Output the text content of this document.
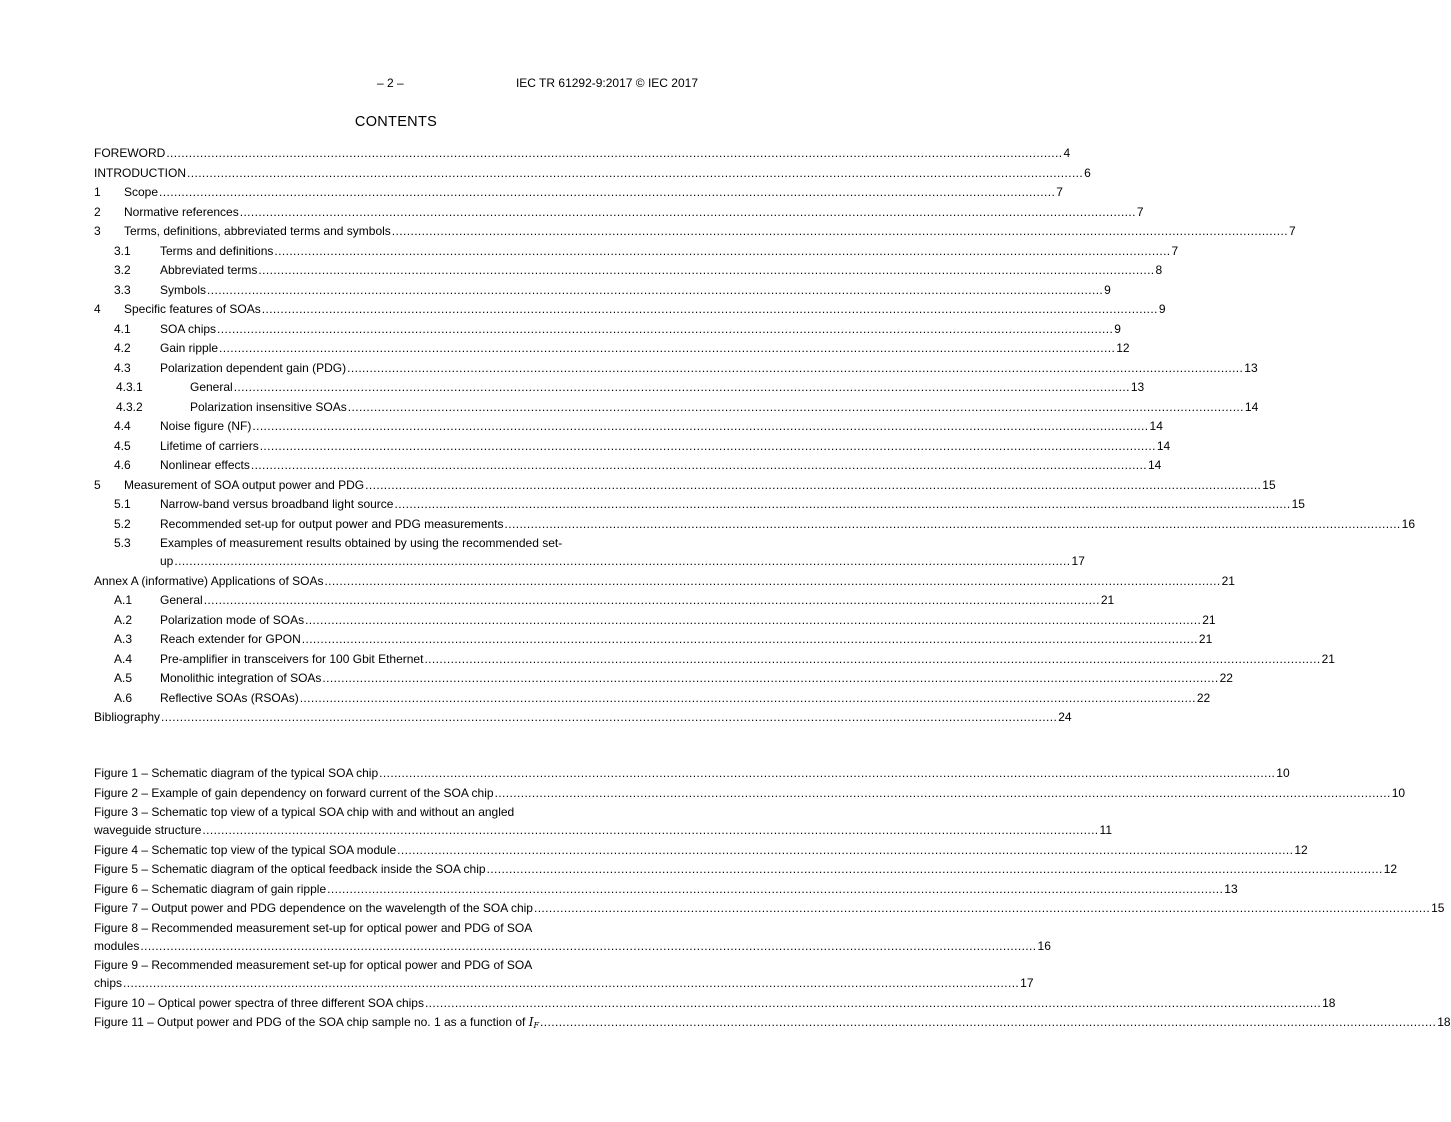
– 2 –	IEC TR 61292-9:2017 © IEC 2017
CONTENTS
FOREWORD ................................................................................................................................................................................................................................................ 4
INTRODUCTION ................................................................................................................................................................................................................................................ 6
1 Scope ................................................................................................................................................................................................................................................ 7
2 Normative references ................................................................................................................................................................................................................................................ 7
3 Terms, definitions, abbreviated terms and symbols ................................................................................................................................................................................................................................................ 7
3.1 Terms and definitions ................................................................................................................................................................................................................................................ 7
3.2 Abbreviated terms ................................................................................................................................................................................................................................................ 8
3.3 Symbols ................................................................................................................................................................................................................................................ 9
4 Specific features of SOAs ................................................................................................................................................................................................................................................ 9
4.1 SOA chips ................................................................................................................................................................................................................................................ 9
4.2 Gain ripple ................................................................................................................................................................................................................................................ 12
4.3 Polarization dependent gain (PDG) ................................................................................................................................................................................................................................................ 13
4.3.1	General ................................................................................................................................................................................................................................................ 13
4.3.2	Polarization insensitive SOAs ................................................................................................................................................................................................................................................ 14
4.4 Noise figure (NF) ................................................................................................................................................................................................................................................ 14
4.5 Lifetime of carriers ................................................................................................................................................................................................................................................ 14
4.6 Nonlinear effects ................................................................................................................................................................................................................................................ 14
5 Measurement of SOA output power and PDG ................................................................................................................................................................................................................................................ 15
5.1 Narrow-band versus broadband light source ................................................................................................................................................................................................................................................ 15
5.2 Recommended set-up for output power and PDG measurements ................................................................................................................................................................................................................................................ 16
5.3 Examples of measurement results obtained by using the recommended set-
up ................................................................................................................................................................................................................................................ 17
Annex A (informative) Applications of SOAs ................................................................................................................................................................................................................................................ 21
A.1 General ................................................................................................................................................................................................................................................ 21
A.2 Polarization mode of SOAs ................................................................................................................................................................................................................................................ 21
A.3 Reach extender for GPON ................................................................................................................................................................................................................................................ 21
A.4 Pre-amplifier in transceivers for 100 Gbit Ethernet ................................................................................................................................................................................................................................................ 21
A.5 Monolithic integration of SOAs ................................................................................................................................................................................................................................................ 22
A.6 Reflective SOAs (RSOAs) ................................................................................................................................................................................................................................................ 22
Bibliography ................................................................................................................................................................................................................................................ 24
Figure 1 – Schematic diagram of the typical SOA chip ................................................................................................................................................................................................................................................ 10
Figure 2 – Example of gain dependency on forward current of the SOA chip ................................................................................................................................................................................................................................................ 10
Figure 3 – Schematic top view of a typical SOA chip with and without an angled
waveguide structure ................................................................................................................................................................................................................................................ 11
Figure 4 – Schematic top view of the typical SOA module ................................................................................................................................................................................................................................................ 12
Figure 5 – Schematic diagram of the optical feedback inside the SOA chip ................................................................................................................................................................................................................................................ 12
Figure 6 – Schematic diagram of gain ripple ................................................................................................................................................................................................................................................ 13
Figure 7 – Output power and PDG dependence on the wavelength of the SOA chip ................................................................................................................................................................................................................................................ 15
Figure 8 – Recommended measurement set-up for optical power and PDG of SOA
modules ................................................................................................................................................................................................................................................ 16
Figure 9 – Recommended measurement set-up for optical power and PDG of SOA
chips ................................................................................................................................................................................................................................................ 17
Figure 10 – Optical power spectra of three different SOA chips ................................................................................................................................................................................................................................................ 18
Figure 11 – Output power and PDG of the SOA chip sample no. 1 as a function of $I_F$ ................................................................................................................................................................................................................................................ 18
